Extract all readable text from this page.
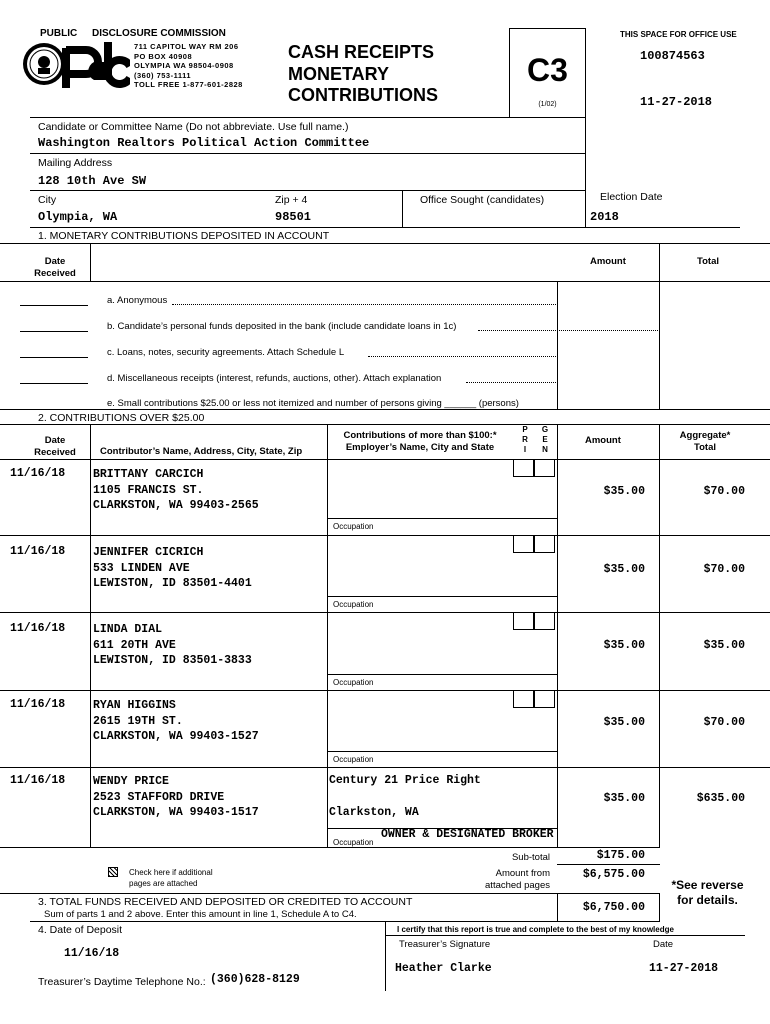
PUBLIC DISCLOSURE COMMISSION
711 CAPITOL WAY RM 206
PO BOX 40908
OLYMPIA WA 98504-0908
(360) 753-1111
TOLL FREE 1-877-601-2828
CASH RECEIPTS
MONETARY
CONTRIBUTIONS
C3
(1/02)
THIS SPACE FOR OFFICE USE
100874563
11-27-2018
Candidate or Committee Name (Do not abbreviate. Use full name.)
Washington Realtors Political Action Committee
Mailing Address
128 10th Ave SW
City
Olympia, WA
Zip + 4
98501
Office Sought (candidates)	Election Date
2018
1. MONETARY CONTRIBUTIONS DEPOSITED IN ACCOUNT
Date
Received
Amount	Total
a. Anonymous
b. Candidate’s personal funds deposited in the bank (include candidate loans in 1c)
c. Loans, notes, security agreements. Attach Schedule L
d. Miscellaneous receipts (interest, refunds, auctions, other). Attach explanation
e. Small contributions $25.00 or less not itemized and number of persons giving ______ (persons)
2. CONTRIBUTIONS OVER $25.00
Date
Received	Contributor’s Name, Address, City, State, Zip
Contributions of more than $100:*
Employer’s Name, City and State
P
R
I
G
E
N
Amount	Aggregate*
Total
11/16/18 BRITTANY CARCICH
1105 FRANCIS ST.
CLARKSTON, WA 99403-2565
$35.00	$70.00
Occupation
11/16/18 JENNIFER CICRICH
533 LINDEN AVE
LEWISTON, ID 83501-4401
$35.00	$70.00
Occupation
11/16/18 LINDA DIAL
611 20TH AVE
LEWISTON, ID 83501-3833
$35.00	$35.00
Occupation
11/16/18 RYAN HIGGINS
2615 19TH ST.
CLARKSTON, WA 99403-1527
$35.00	$70.00
Occupation
11/16/18 WENDY PRICE
2523 STAFFORD DRIVE
CLARKSTON, WA 99403-1517
Century 21 Price Right
Clarkston, WA
$35.00	$635.00
Occupation
OWNER & DESIGNATED BROKER
Check here if additional
pages are attached
Sub-total	$175.00
Amount from
attached pages
$6,575.00
*See reverse
for details.
3. TOTAL FUNDS RECEIVED AND DEPOSITED OR CREDITED TO ACCOUNT
Sum of parts 1 and 2 above. Enter this amount in line 1, Schedule A to C4.
$6,750.00
4. Date of Deposit
11/16/18
Treasurer’s Daytime Telephone No.: (360)628-8129
I certify that this report is true and complete to the best of my knowledge
Treasurer’s Signature	Date
Heather Clarke	11-27-2018
